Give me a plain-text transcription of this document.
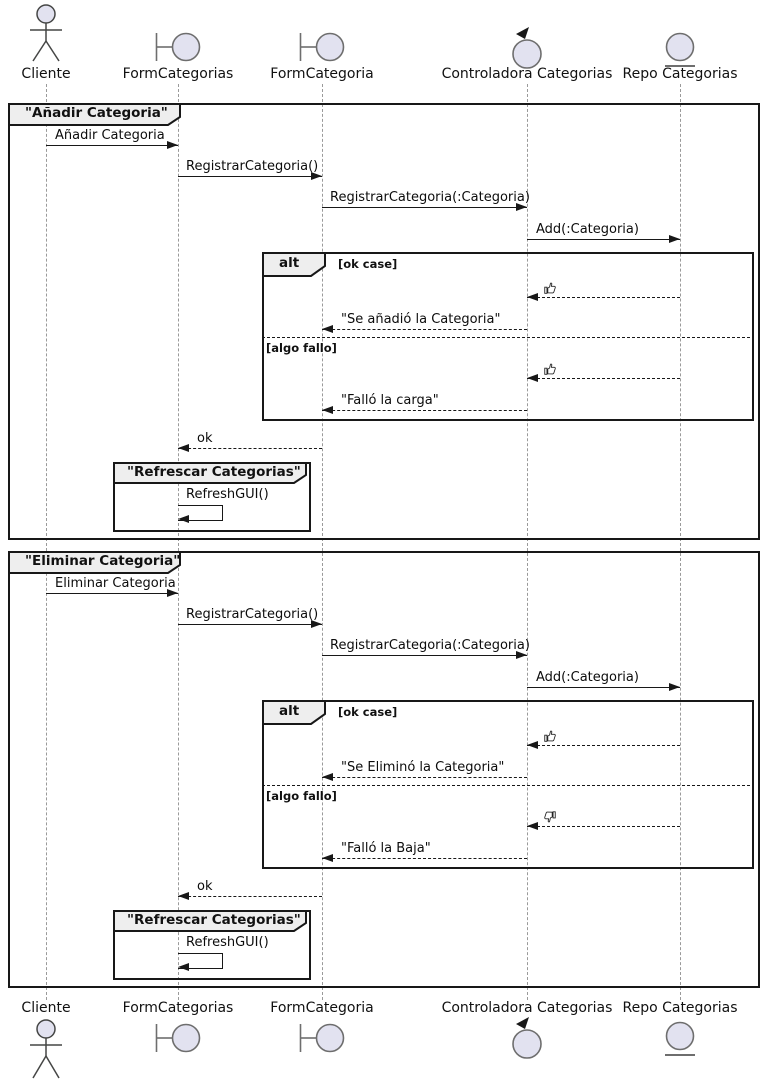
Cliente	FormCategorias	FormCategoria	Controladora Categorias Repo Categorias
"Añadir Categoria"
Añadir Categoria
RegistrarCategoria()
RegistrarCategoria(:Categoria)
Add(:Categoria)
alt	[ok case]
"Se añadió la Categoria"
[algo fallo]
"Falló la carga"
ok
"Refrescar Categorias"
RefreshGUI()
"Eliminar Categoria"
Eliminar Categoria
RegistrarCategoria()
RegistrarCategoria(:Categoria)
Add(:Categoria)
alt	[ok case]
"Se Eliminó la Categoria"
[algo fallo]
"Falló la Baja"
ok
"Refrescar Categorias"
RefreshGUI()
Cliente	FormCategorias	FormCategoria	Controladora Categorias Repo Categorias
